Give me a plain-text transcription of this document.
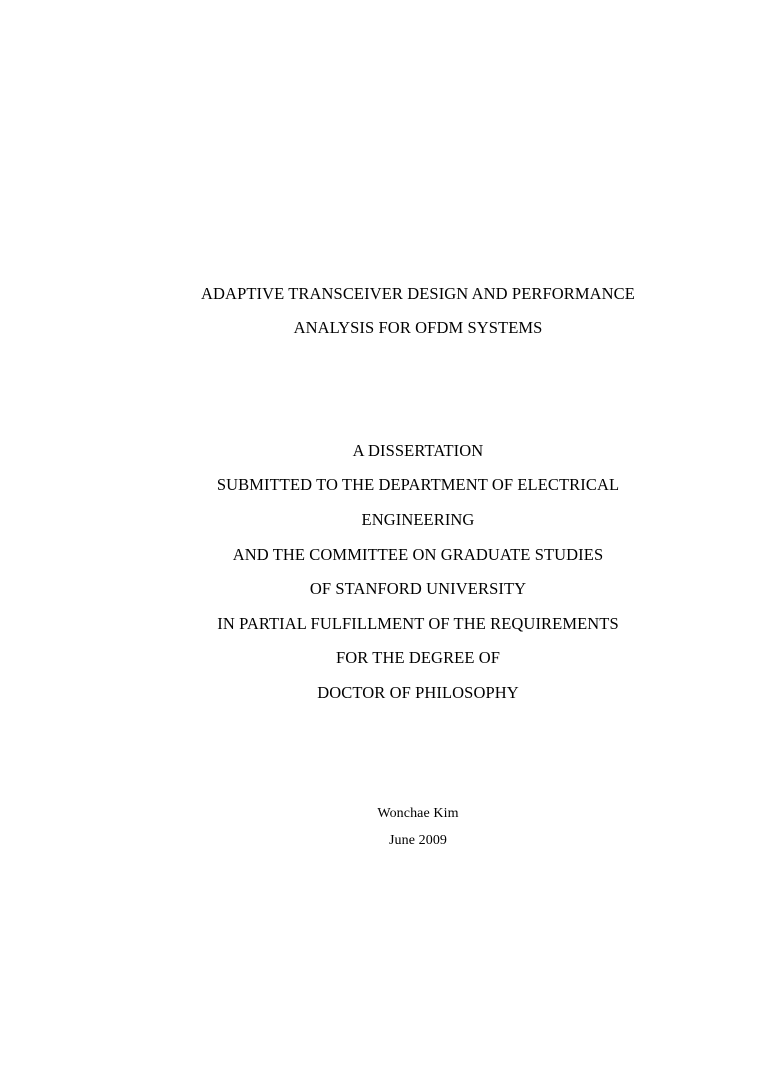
ADAPTIVE TRANSCEIVER DESIGN AND PERFORMANCE
ANALYSIS FOR OFDM SYSTEMS
A DISSERTATION
SUBMITTED TO THE DEPARTMENT OF ELECTRICAL
ENGINEERING
AND THE COMMITTEE ON GRADUATE STUDIES
OF STANFORD UNIVERSITY
IN PARTIAL FULFILLMENT OF THE REQUIREMENTS
FOR THE DEGREE OF
DOCTOR OF PHILOSOPHY
Wonchae Kim
June 2009
